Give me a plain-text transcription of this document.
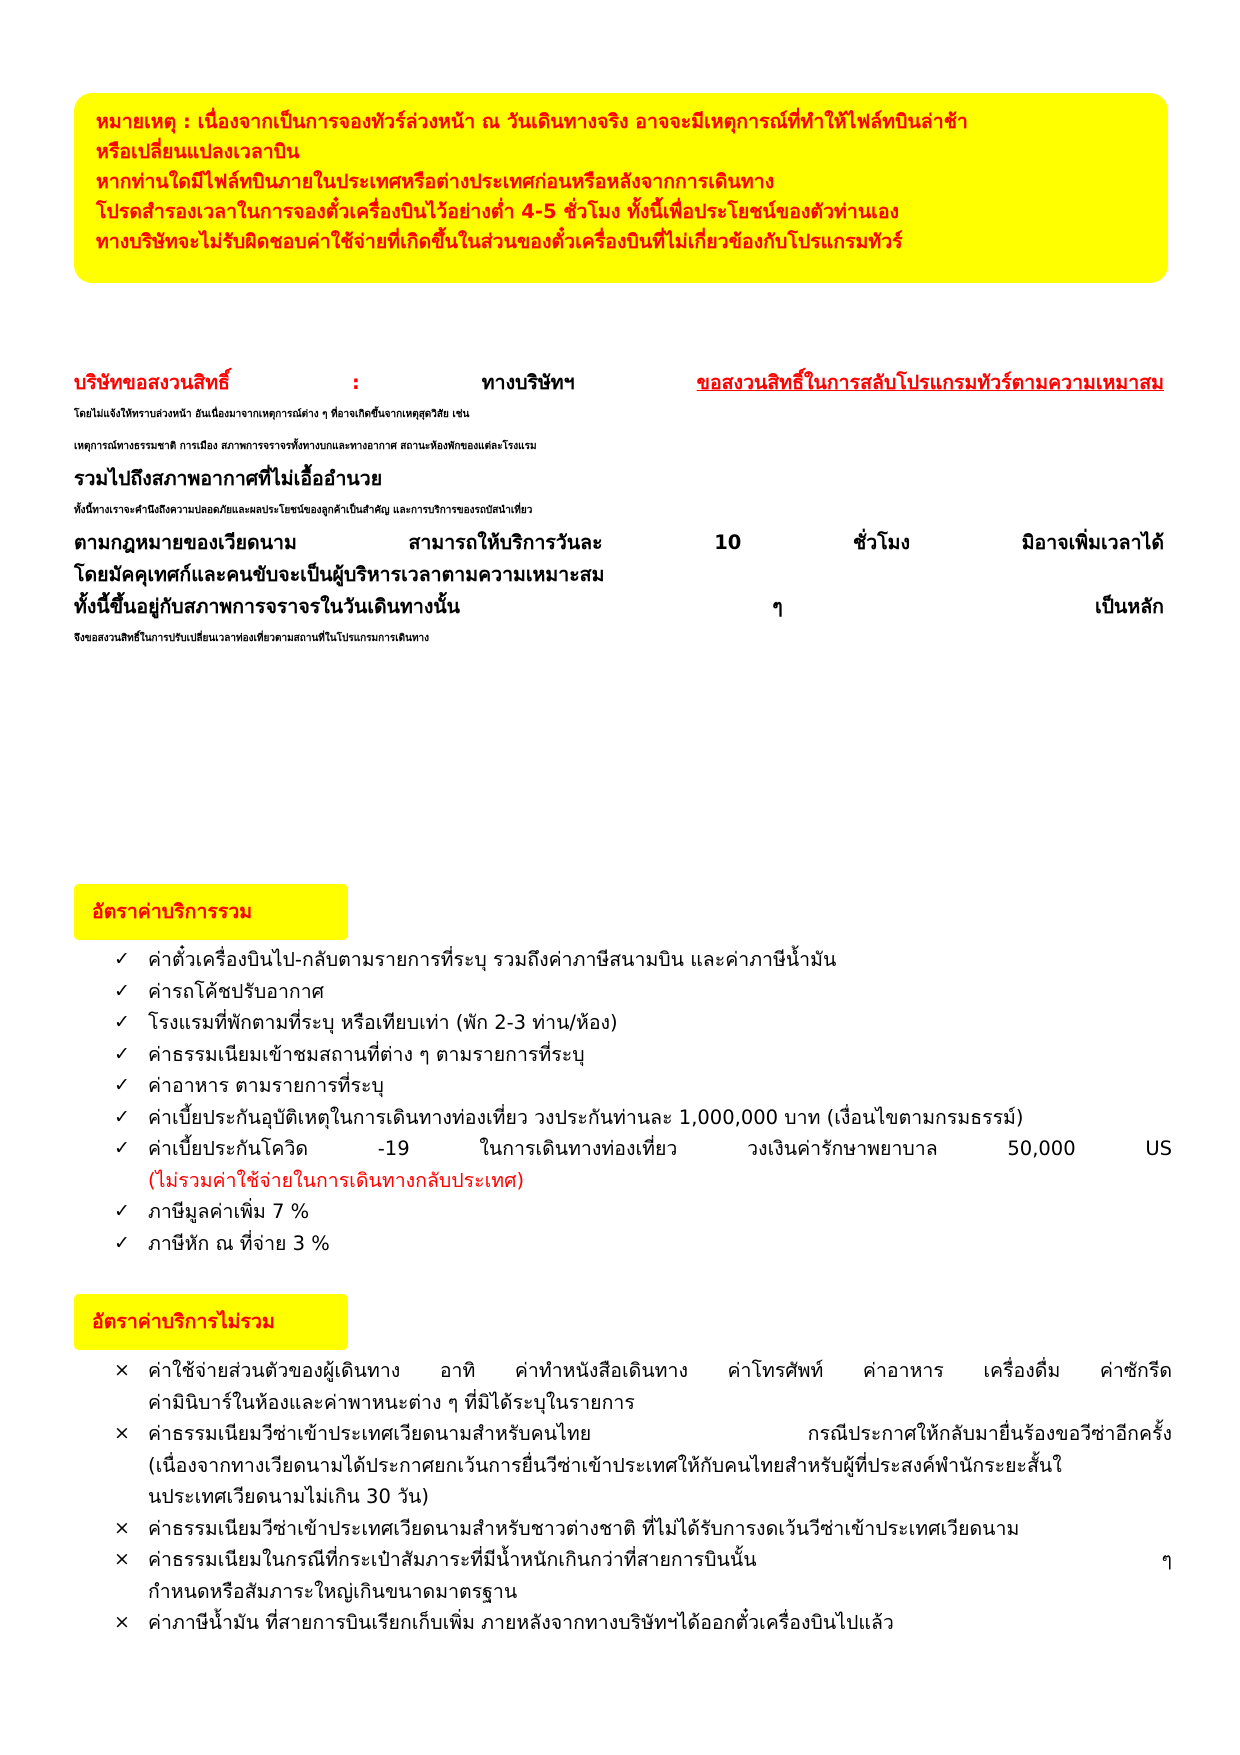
หมายเหตุ : เนื่องจากเป็นการจองทัวร์ล่วงหน้า ณ วันเดินทางจริง อาจจะมีเหตุการณ์ที่ทำให้ไฟล์ทบินล่าช้า
หรือเปลี่ยนแปลงเวลาบิน
หากท่านใดมีไฟล์ทบินภายในประเทศหรือต่างประเทศก่อนหรือหลังจากการเดินทาง
โปรดสำรองเวลาในการจองตั๋วเครื่องบินไว้อย่างต่ำ 4-5 ชั่วโมง ทั้งนี้เพื่อประโยชน์ของตัวท่านเอง
ทางบริษัทจะไม่รับผิดชอบค่าใช้จ่ายที่เกิดขึ้นในส่วนของตั๋วเครื่องบินที่ไม่เกี่ยวข้องกับโปรแกรมทัวร์
บริษัทขอสงวนสิทธิ์ : ทางบริษัทฯ ขอสงวนสิทธิ์ในการสลับโปรแกรมทัวร์ตามความเหมาสม
โดยไม่แจ้งให้ทราบล่วงหน้า อันเนื่องมาจากเหตุการณ์ต่าง ๆ ที่อาจเกิดขึ้นจากเหตุสุดวิสัย เช่น
เหตุการณ์ทางธรรมชาติ การเมือง สภาพการจราจรทั้งทางบกและทางอากาศ สถานะห้องพักของแต่ละโรงแรม
รวมไปถึงสภาพอากาศที่ไม่เอื้ออำนวย
ทั้งนี้ทางเราจะคำนึงถึงความปลอดภัยและผลประโยชน์ของลูกค้าเป็นสำคัญ และการบริการของรถบัสนำเที่ยว
ตามกฎหมายของเวียดนาม สามารถให้บริการวันละ 10 ชั่วโมง มิอาจเพิ่มเวลาได้
โดยมัคคุเทศก์และคนขับจะเป็นผู้บริหารเวลาตามความเหมาะสม
ทั้งนี้ขึ้นอยู่กับสภาพการจราจรในวันเดินทางนั้น ๆ เป็นหลัก
จึงขอสงวนสิทธิ์ในการปรับเปลี่ยนเวลาท่องเที่ยวตามสถานที่ในโปรแกรมการเดินทาง
อัตราค่าบริการรวม
✓ ค่าตั๋วเครื่องบินไป-กลับตามรายการที่ระบุ รวมถึงค่าภาษีสนามบิน และค่าภาษีน้ำมัน
✓ ค่ารถโค้ชปรับอากาศ
✓ โรงแรมที่พักตามที่ระบุ หรือเทียบเท่า (พัก 2-3 ท่าน/ห้อง)
✓ ค่าธรรมเนียมเข้าชมสถานที่ต่าง ๆ ตามรายการที่ระบุ
✓ ค่าอาหาร ตามรายการที่ระบุ
✓ ค่าเบี้ยประกันอุบัติเหตุในการเดินทางท่องเที่ยว วงประกันท่านละ 1,000,000 บาท (เงื่อนไขตามกรมธรรม์)
✓ ค่าเบี้ยประกันโควิด -19 ในการเดินทางท่องเที่ยว วงเงินค่ารักษาพยาบาล 50,000 US
(ไม่รวมค่าใช้จ่ายในการเดินทางกลับประเทศ)
✓ ภาษีมูลค่าเพิ่ม 7 %
✓ ภาษีหัก ณ ที่จ่าย 3 %
อัตราค่าบริการไม่รวม
× ค่าใช้จ่ายส่วนตัวของผู้เดินทาง อาทิ ค่าทำหนังสือเดินทาง ค่าโทรศัพท์ ค่าอาหาร เครื่องดื่ม ค่าซักรีด
ค่ามินิบาร์ในห้องและค่าพาหนะต่าง ๆ ที่มิได้ระบุในรายการ
× ค่าธรรมเนียมวีซ่าเข้าประเทศเวียดนามสำหรับคนไทย กรณีประกาศให้กลับมายื่นร้องขอวีซ่าอีกครั้ง
(เนื่องจากทางเวียดนามได้ประกาศยกเว้นการยื่นวีซ่าเข้าประเทศให้กับคนไทยสำหรับผู้ที่ประสงค์พำนักระยะสั้นใ
นประเทศเวียดนามไม่เกิน 30 วัน)
× ค่าธรรมเนียมวีซ่าเข้าประเทศเวียดนามสำหรับชาวต่างชาติ ที่ไม่ได้รับการงดเว้นวีซ่าเข้าประเทศเวียดนาม
× ค่าธรรมเนียมในกรณีที่กระเป๋าสัมภาระที่มีน้ำหนักเกินกว่าที่สายการบินนั้น ๆ
กำหนดหรือสัมภาระใหญ่เกินขนาดมาตรฐาน
× ค่าภาษีน้ำมัน ที่สายการบินเรียกเก็บเพิ่ม ภายหลังจากทางบริษัทฯได้ออกตั๋วเครื่องบินไปแล้ว
